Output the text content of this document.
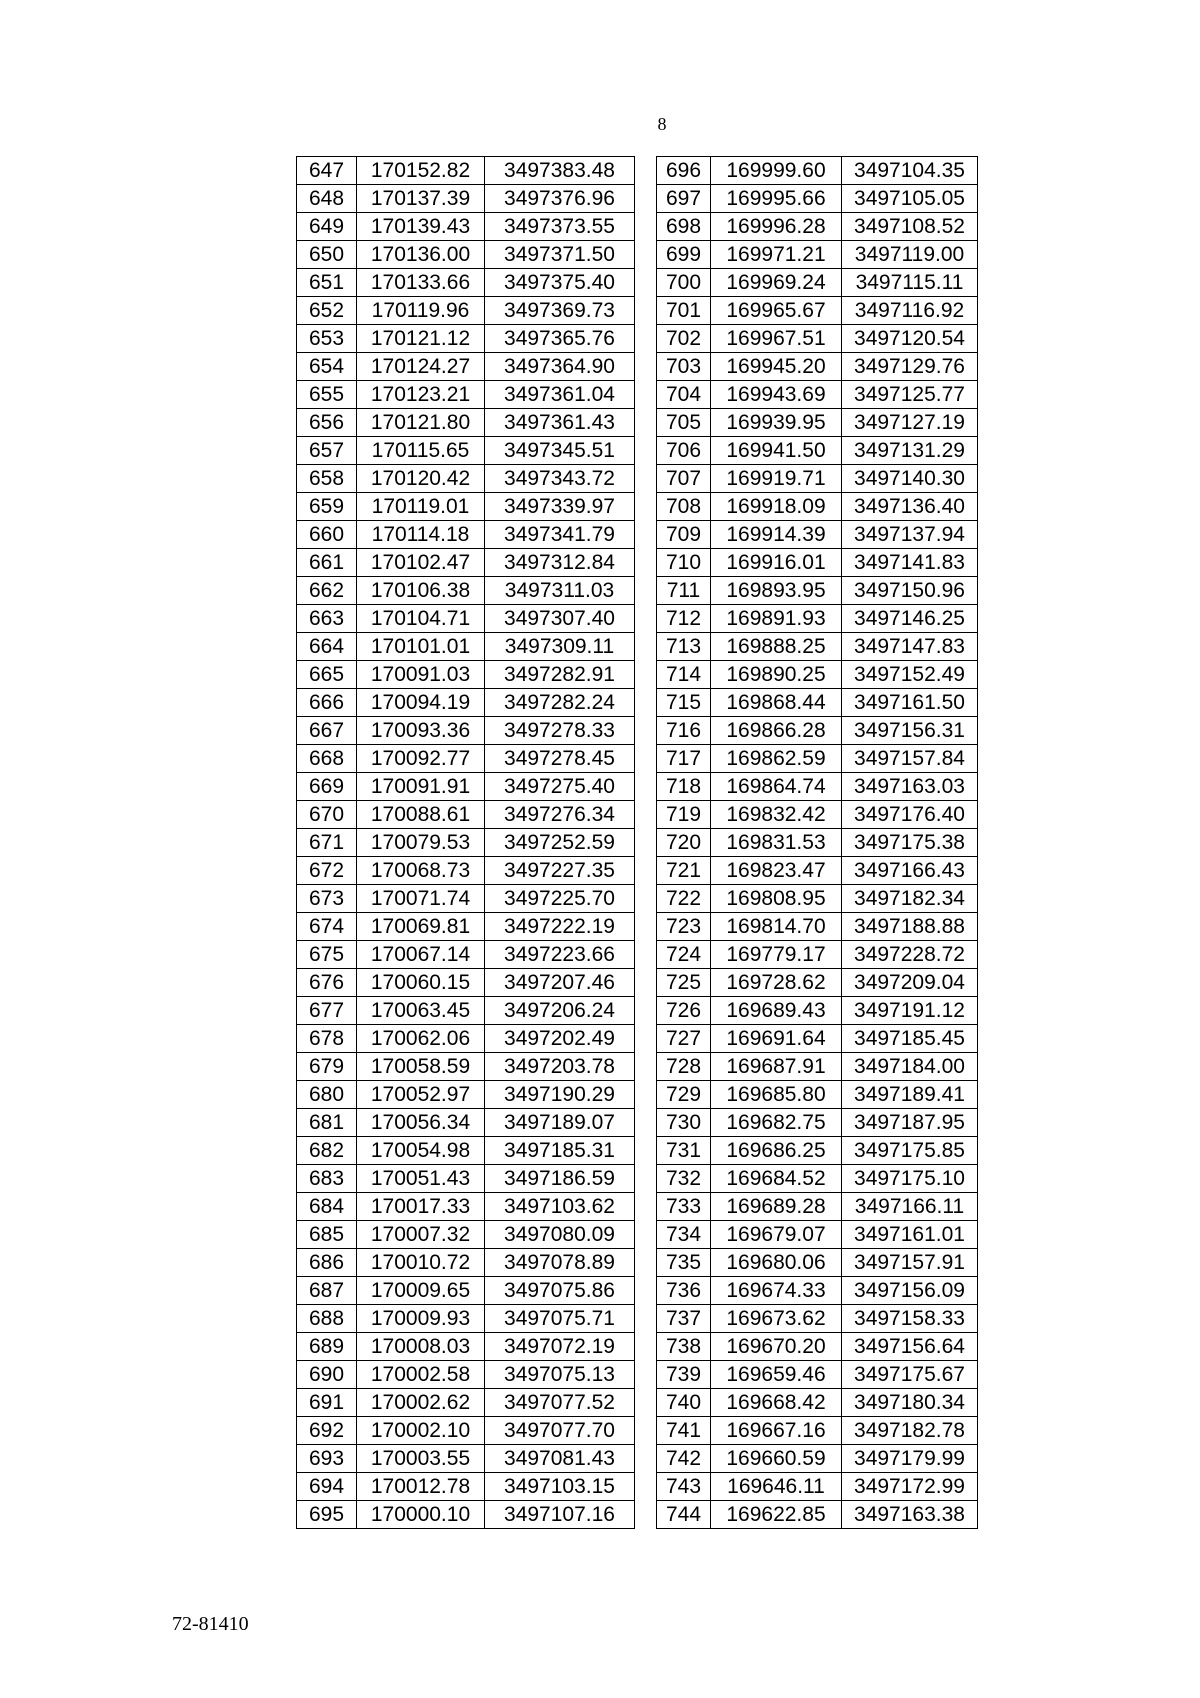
8
647	170152.82	3497383.48
648	170137.39	3497376.96
649	170139.43	3497373.55
650	170136.00	3497371.50
651	170133.66	3497375.40
652	170119.96	3497369.73
653	170121.12	3497365.76
654	170124.27	3497364.90
655	170123.21	3497361.04
656	170121.80	3497361.43
657	170115.65	3497345.51
658	170120.42	3497343.72
659	170119.01	3497339.97
660	170114.18	3497341.79
661	170102.47	3497312.84
662	170106.38	3497311.03
663	170104.71	3497307.40
664	170101.01	3497309.11
665	170091.03	3497282.91
666	170094.19	3497282.24
667	170093.36	3497278.33
668	170092.77	3497278.45
669	170091.91	3497275.40
670	170088.61	3497276.34
671	170079.53	3497252.59
672	170068.73	3497227.35
673	170071.74	3497225.70
674	170069.81	3497222.19
675	170067.14	3497223.66
676	170060.15	3497207.46
677	170063.45	3497206.24
678	170062.06	3497202.49
679	170058.59	3497203.78
680	170052.97	3497190.29
681	170056.34	3497189.07
682	170054.98	3497185.31
683	170051.43	3497186.59
684	170017.33	3497103.62
685	170007.32	3497080.09
686	170010.72	3497078.89
687	170009.65	3497075.86
688	170009.93	3497075.71
689	170008.03	3497072.19
690	170002.58	3497075.13
691	170002.62	3497077.52
692	170002.10	3497077.70
693	170003.55	3497081.43
694	170012.78	3497103.15
695	170000.10	3497107.16
696	169999.60	3497104.35
697	169995.66	3497105.05
698	169996.28	3497108.52
699	169971.21	3497119.00
700	169969.24	3497115.11
701	169965.67	3497116.92
702	169967.51	3497120.54
703	169945.20	3497129.76
704	169943.69	3497125.77
705	169939.95	3497127.19
706	169941.50	3497131.29
707	169919.71	3497140.30
708	169918.09	3497136.40
709	169914.39	3497137.94
710	169916.01	3497141.83
711	169893.95	3497150.96
712	169891.93	3497146.25
713	169888.25	3497147.83
714	169890.25	3497152.49
715	169868.44	3497161.50
716	169866.28	3497156.31
717	169862.59	3497157.84
718	169864.74	3497163.03
719	169832.42	3497176.40
720	169831.53	3497175.38
721	169823.47	3497166.43
722	169808.95	3497182.34
723	169814.70	3497188.88
724	169779.17	3497228.72
725	169728.62	3497209.04
726	169689.43	3497191.12
727	169691.64	3497185.45
728	169687.91	3497184.00
729	169685.80	3497189.41
730	169682.75	3497187.95
731	169686.25	3497175.85
732	169684.52	3497175.10
733	169689.28	3497166.11
734	169679.07	3497161.01
735	169680.06	3497157.91
736	169674.33	3497156.09
737	169673.62	3497158.33
738	169670.20	3497156.64
739	169659.46	3497175.67
740	169668.42	3497180.34
741	169667.16	3497182.78
742	169660.59	3497179.99
743	169646.11	3497172.99
744	169622.85	3497163.38
72-81410
